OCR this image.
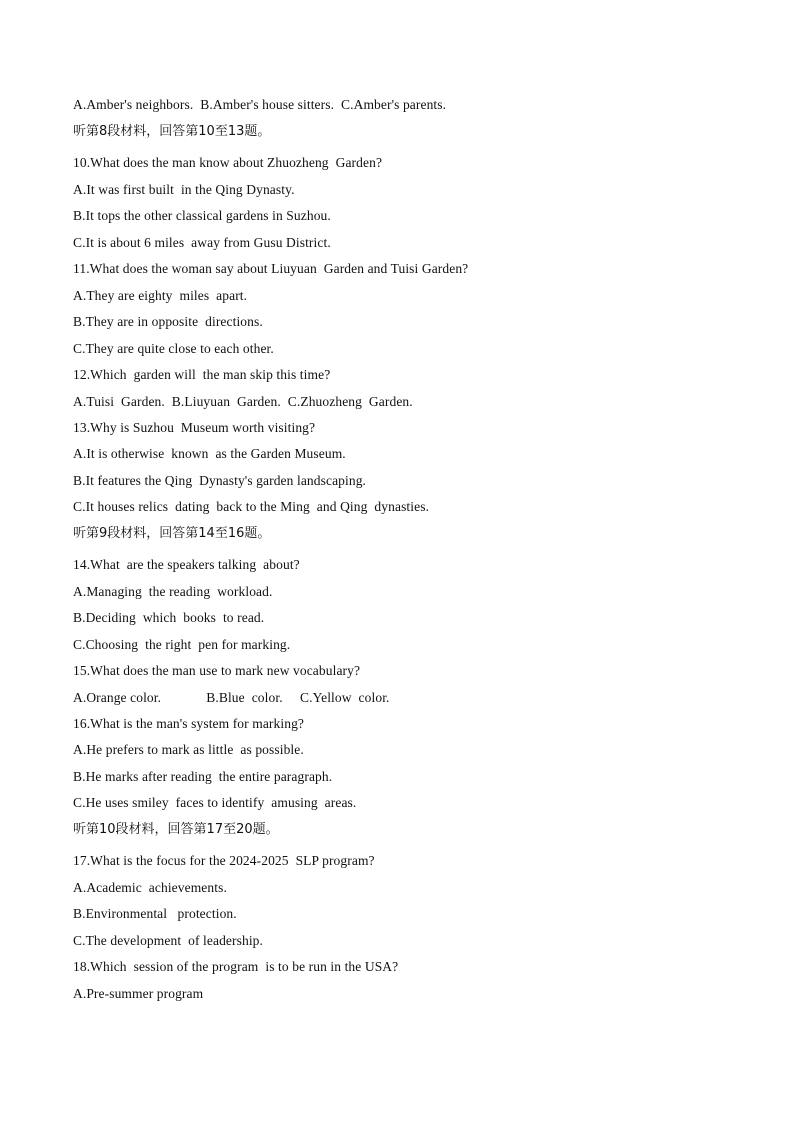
A.Amber's neighbors.  B.Amber's house sitters.  C.Amber's parents.
听第8段材料，回答第10至13题。
10.What does the man know about Zhuozheng  Garden?
A.It was first built  in the Qing Dynasty.
B.It tops the other classical gardens in Suzhou.
C.It is about 6 miles  away from Gusu District.
11.What does the woman say about Liuyuan  Garden and Tuisi Garden?
A.They are eighty  miles  apart.
B.They are in opposite  directions.
C.They are quite close to each other.
12.Which  garden will  the man skip this time?
A.Tuisi  Garden.  B.Liuyuan  Garden.  C.Zhuozheng  Garden.
13.Why is Suzhou  Museum worth visiting?
A.It is otherwise  known  as the Garden Museum.
B.It features the Qing  Dynasty's garden landscaping.
C.It houses relics  dating  back to the Ming  and Qing  dynasties.
听第9段材料，回答第14至16题。
14.What  are the speakers talking  about?
A.Managing  the reading  workload.
B.Deciding  which  books  to read.
C.Choosing  the right  pen for marking.
15.What does the man use to mark new vocabulary?
A.Orange color.             B.Blue  color.     C.Yellow  color.
16.What is the man's system for marking?
A.He prefers to mark as little  as possible.
B.He marks after reading  the entire paragraph.
C.He uses smiley  faces to identify  amusing  areas.
听第10段材料，回答第17至20题。
17.What is the focus for the 2024-2025  SLP program?
A.Academic  achievements.
B.Environmental   protection.
C.The development  of leadership.
18.Which  session of the program  is to be run in the USA?
A.Pre-summer program
